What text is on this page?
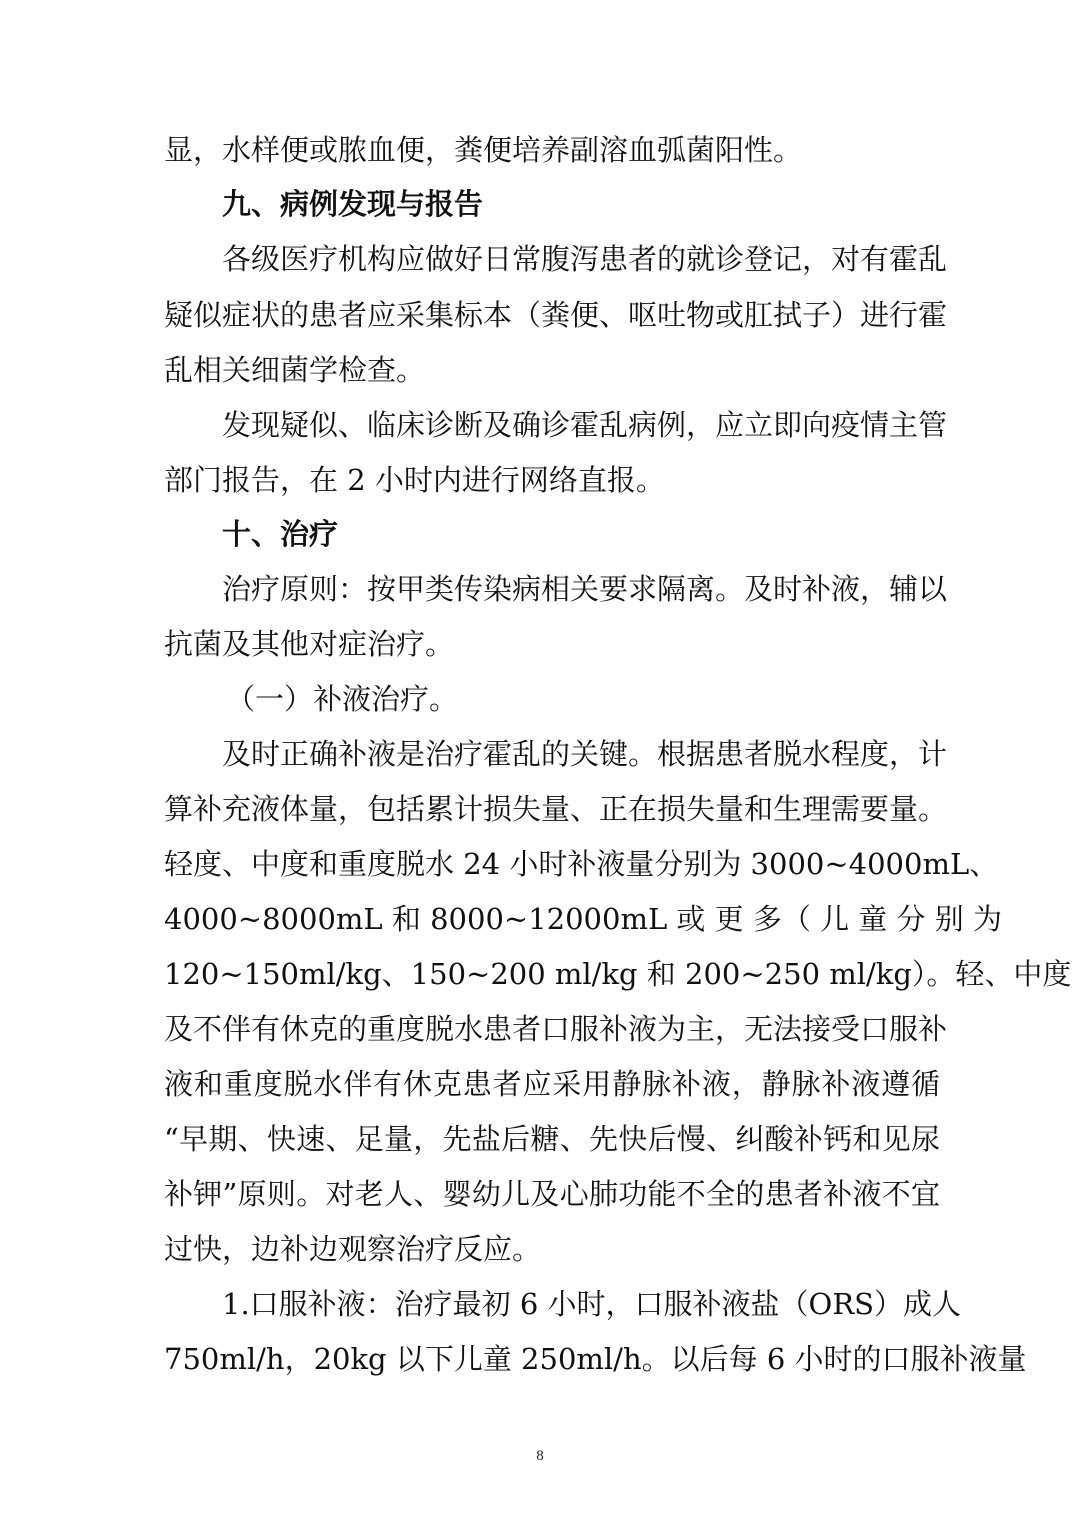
显，水样便或脓血便，粪便培养副溶血弧菌阳性。
九、病例发现与报告
各级医疗机构应做好日常腹泻患者的就诊登记，对有霍乱
疑似症状的患者应采集标本（粪便、呕吐物或肛拭子）进行霍
乱相关细菌学检查。
发现疑似、临床诊断及确诊霍乱病例，应立即向疫情主管
部门报告，在 2 小时内进行网络直报。
十、治疗
治疗原则：按甲类传染病相关要求隔离。及时补液，辅以
抗菌及其他对症治疗。
（一）补液治疗。
及时正确补液是治疗霍乱的关键。根据患者脱水程度，计
算补充液体量，包括累计损失量、正在损失量和生理需要量。
轻度、中度和重度脱水 24 小时补液量分别为 3000~4000mL、
4000~8000mL 和 8000~12000mL 或 更 多（ 儿 童 分 别 为
120~150ml/kg、150~200 ml/kg 和 200~250 ml/kg）。轻、中度
及不伴有休克的重度脱水患者口服补液为主，无法接受口服补
液和重度脱水伴有休克患者应采用静脉补液，静脉补液遵循
“早期、快速、足量，先盐后糖、先快后慢、纠酸补钙和见尿
补钾”原则。对老人、婴幼儿及心肺功能不全的患者补液不宜
过快，边补边观察治疗反应。
1.口服补液：治疗最初 6 小时，口服补液盐（ORS）成人
750ml/h，20kg 以下儿童 250ml/h。以后每 6 小时的口服补液量
8
